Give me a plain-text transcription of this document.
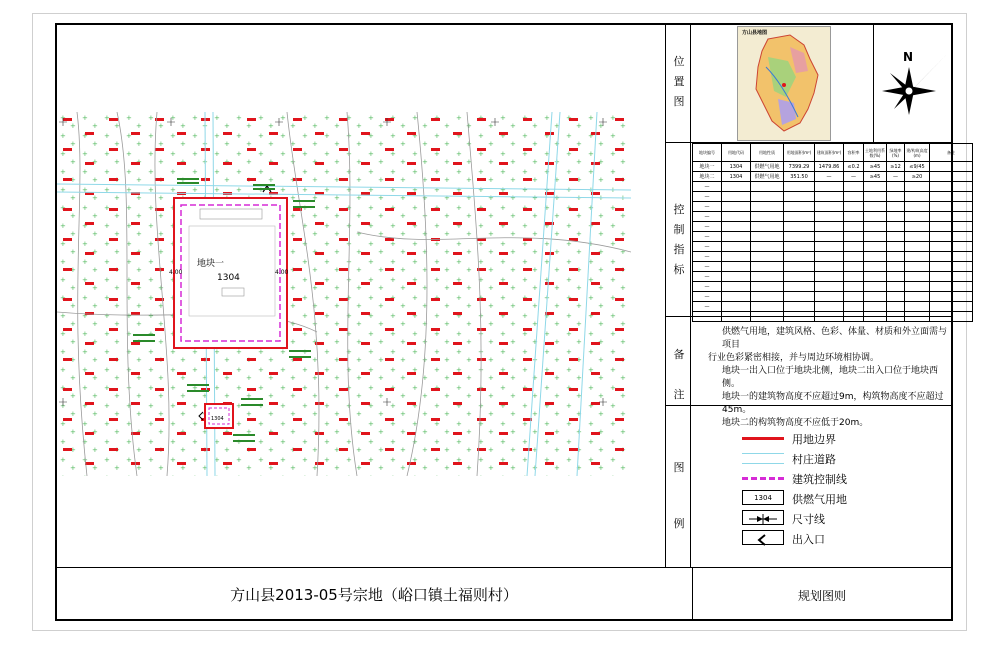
位
置
图
控
制
指
标
备
注
图
例
方山县地图
N
地块编号	用地代码	用地性质	用地面积(m²)	建筑面积(m²)	容积率	土地利用系数(%)	绿地率(%)	建/构筑高度(m)	备注
地块一	1304	供燃气用地	7399.29	1479.86	≤0.2	≥45	≥12	≤9/45	
地块二	1304	供燃气用地	351.50	—	—	≥45	—	≥20	
—									
—									
—									
—									
—									
—									
—									
—									
—									
—									
—									
—									
—									
—									
供燃气用地，建筑风格、色彩、体量、材质和外立面需与项目
行业色彩紧密相接，并与周边环境相协调。
地块一出入口位于地块北侧，地块二出入口位于地块西侧。
地块一的建筑物高度不应超过9m，构筑物高度不应超过45m。
地块二的构筑物高度不应低于20m。
用地边界
村庄道路
建筑控制线
1304	供燃气用地
尺寸线
出入口
方山县2013-05号宗地（峪口镇土福则村）	规划图则
地块一
1304
4.00	4.00
1304
